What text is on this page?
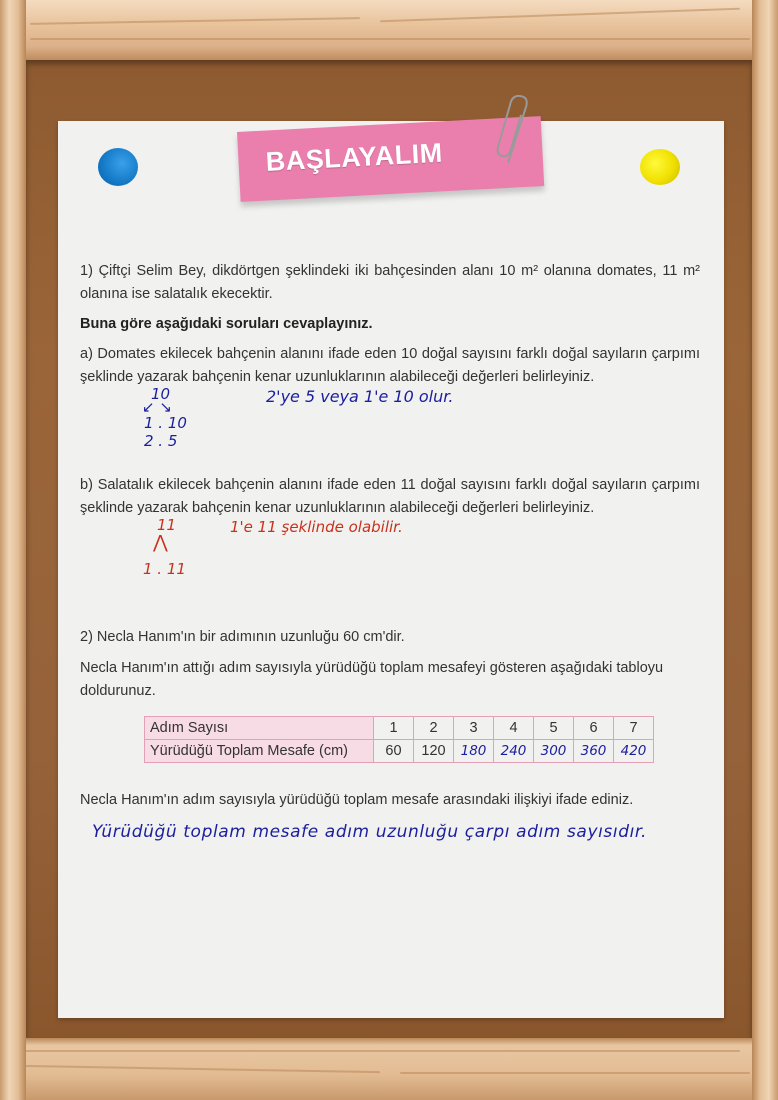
BAŞLAYALIM
1) Çiftçi Selim Bey, dikdörtgen şeklindeki iki bahçesinden alanı 10 m² olanına domates, 11 m² olanına ise salatalık ekecektir.
Buna göre aşağıdaki soruları cevaplayınız.
a) Domates ekilecek bahçenin alanını ifade eden 10 doğal sayısını farklı doğal sayıların çarpımı şeklinde yazarak bahçenin kenar uzunluklarının alabileceği değerleri belirleyiniz.
10
↙ ↘
1 . 10
2 . 5
2'ye 5 veya 1'e 10 olur.
b) Salatalık ekilecek bahçenin alanını ifade eden 11 doğal sayısını farklı doğal sayıların çarpımı şeklinde yazarak bahçenin kenar uzunluklarının alabileceği değerleri belirleyiniz.
11
⋀
1 . 11
1'e 11 şeklinde olabilir.
2) Necla Hanım'ın bir adımının uzunluğu 60 cm'dir.
Necla Hanım'ın attığı adım sayısıyla yürüdüğü toplam mesafeyi gösteren aşağıdaki tabloyu doldurunuz.
Adım Sayısı	1	2	3	4	5	6	7
Yürüdüğü Toplam Mesafe (cm)	60	120	180	240	300	360	420
Necla Hanım'ın adım sayısıyla yürüdüğü toplam mesafe arasındaki ilişkiyi ifade ediniz.
Yürüdüğü toplam mesafe adım uzunluğu çarpı adım sayısıdır.
